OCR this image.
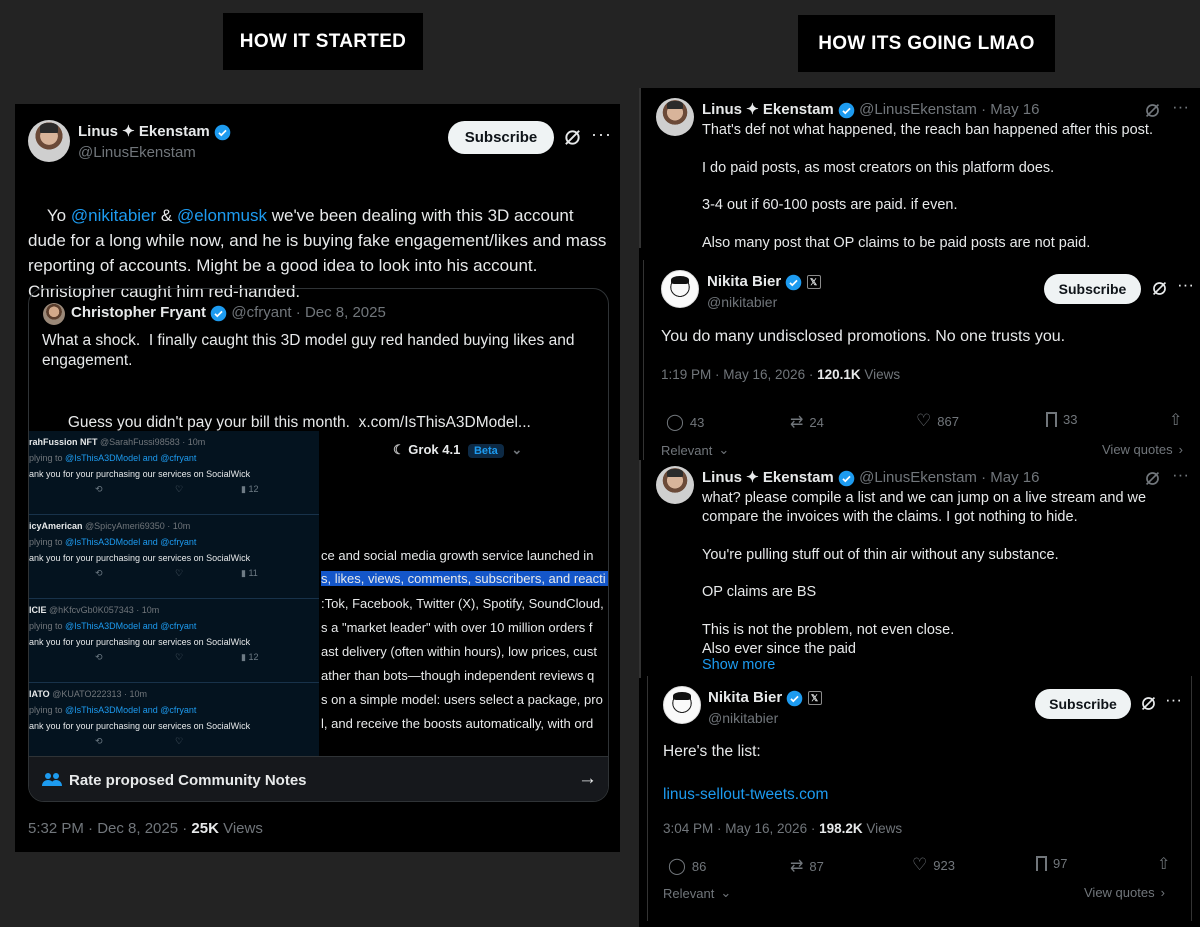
HOW IT STARTED	HOW ITS GOING LMAO
Linus ✦ Ekenstam
@LinusEkenstam
Subscribe	···

Yo @nikitabier & @elonmusk we've been dealing with this 3D account dude for a long while now, and he is buying fake engagement/likes and mass reporting of accounts. Might be a good idea to look into his account. Christopher caught him red-handed.

Christopher Fryant @cfryant · Dec 8, 2025
What a shock.  I finally caught this 3D model guy red handed buying likes and engagement.

Guess you didn't pay your bill this month.  x.com/IsThisA3DModel...

rahFussion NFT @SarahFussi98583 · 10m
plying to @IsThisA3DModel and @cfryant
ank you for your purchasing our services on SocialWick
⟲	♡	▮ 12
icyAmerican @SpicyAmeri69350 · 10m
plying to @IsThisA3DModel and @cfryant
ank you for your purchasing our services on SocialWick
⟲	♡	▮ 11
ICIE @hKfcvGb0K057343 · 10m
plying to @IsThisA3DModel and @cfryant
ank you for your purchasing our services on SocialWick
⟲	♡	▮ 12
IATO @KUATO222313 · 10m
plying to @IsThisA3DModel and @cfryant
ank you for your purchasing our services on SocialWick
⟲	♡
☾ Grok 4.1 Beta ⌄
ce and social media growth service launched in
s, likes, views, comments, subscribers, and reacti
:Tok, Facebook, Twitter (X), Spotify, SoundCloud,
s a "market leader" with over 10 million orders f
ast delivery (often within hours), low prices, cust
ather than bots—though independent reviews q
s on a simple model: users select a package, pro
l, and receive the boosts automatically, with ord
Rate proposed Community Notes	→
5:32 PM · Dec 8, 2025 · 25K Views
Linus ✦ Ekenstam @LinusEkenstam · May 16	···
That's def not what happened, the reach ban happened after this post.

I do paid posts, as most creators on this platform does.

3-4 out if 60-100 posts are paid. if even.

Also many post that OP claims to be paid posts are not paid.
Nikita Bier	𝕏
@nikitabier
Subscribe	···
You do many undisclosed promotions. No one trusts you.
1:19 PM · May 16, 2026 · 120.1K Views
◯ 43	⇄ 24	♡ 867	33	⇧
Relevant ⌄	View quotes ›
Linus ✦ Ekenstam @LinusEkenstam · May 16	···
what? please compile a list and we can jump on a live stream and we compare the invoices with the claims. I got nothing to hide.

You're pulling stuff out of thin air without any substance.

OP claims are BS

This is not the problem, not even close.
Also ever since the paid
Show more
Nikita Bier	𝕏
@nikitabier
Subscribe	···
Here's the list:
linus-sellout-tweets.com
3:04 PM · May 16, 2026 · 198.2K Views
◯ 86	⇄ 87	♡ 923	97	⇧
Relevant ⌄	View quotes ›
